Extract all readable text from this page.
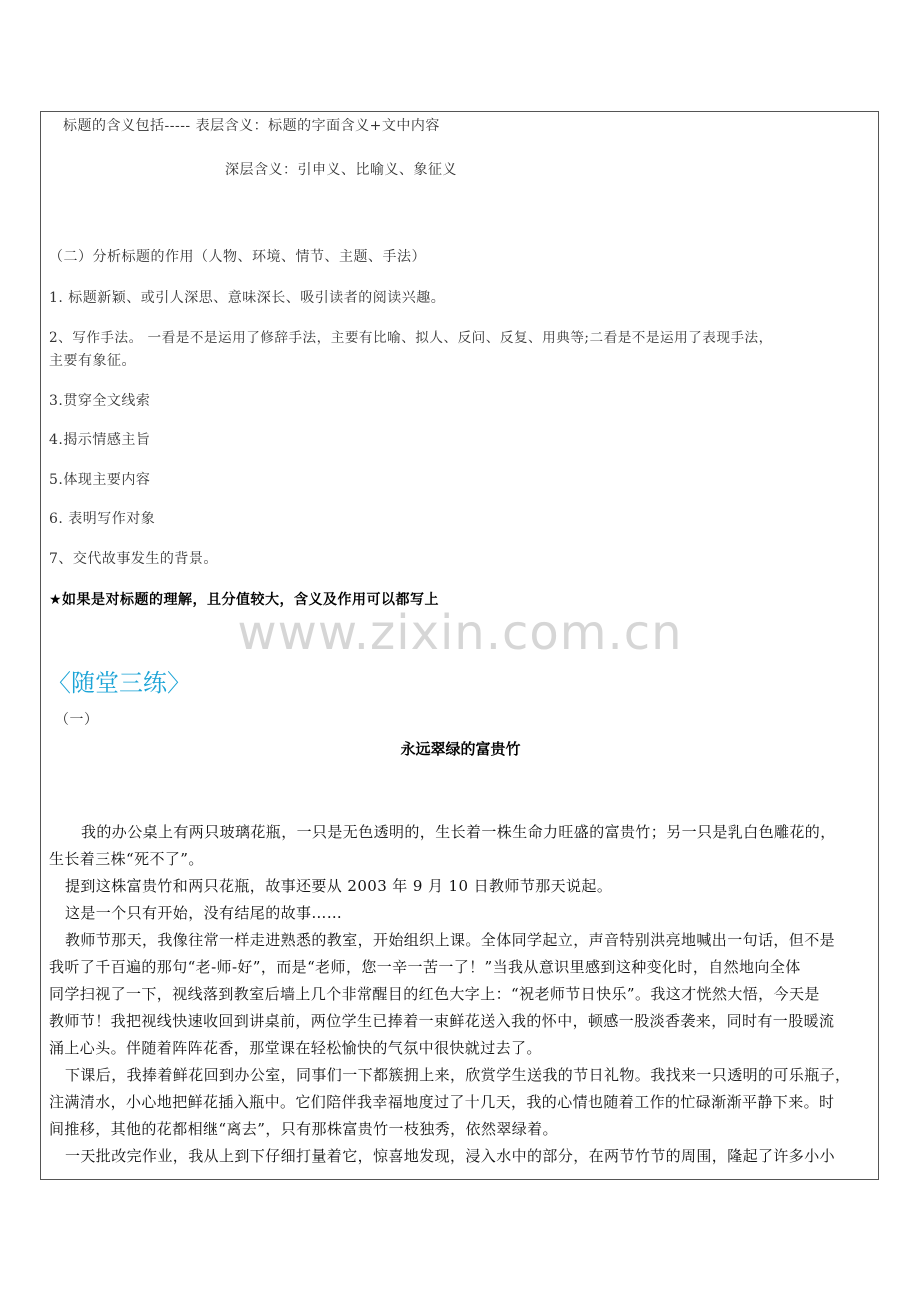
标题的含义包括----- 表层含义：标题的字面含义+文中内容
深层含义：引申义、比喻义、象征义
（二）分析标题的作用（人物、环境、情节、主题、手法）
1. 标题新颖、或引人深思、意味深长、吸引读者的阅读兴趣。
2、写作手法。 一看是不是运用了修辞手法，主要有比喻、拟人、反问、反复、用典等;二看是不是运用了表现手法，
主要有象征。
3.贯穿全文线索
4.揭示情感主旨
5.体现主要内容
6. 表明写作对象
7、交代故事发生的背景。
★如果是对标题的理解，且分值较大，含义及作用可以都写上
〈随堂三练〉
（一）
永远翠绿的富贵竹
我的办公桌上有两只玻璃花瓶，一只是无色透明的，生长着一株生命力旺盛的富贵竹；另一只是乳白色雕花的，
生长着三株“死不了”。
提到这株富贵竹和两只花瓶，故事还要从 2003 年 9 月 10 日教师节那天说起。
这是一个只有开始，没有结尾的故事……
教师节那天，我像往常一样走进熟悉的教室，开始组织上课。全体同学起立，声音特别洪亮地喊出一句话，但不是
我听了千百遍的那句“老-师-好”，而是“老师，您一辛一苦一了！”当我从意识里感到这种变化时，自然地向全体
同学扫视了一下，视线落到教室后墙上几个非常醒目的红色大字上：“祝老师节日快乐”。我这才恍然大悟，今天是
教师节！我把视线快速收回到讲桌前，两位学生已捧着一束鲜花送入我的怀中，顿感一股淡香袭来，同时有一股暖流
涌上心头。伴随着阵阵花香，那堂课在轻松愉快的气氛中很快就过去了。
下课后，我捧着鲜花回到办公室，同事们一下都簇拥上来，欣赏学生送我的节日礼物。我找来一只透明的可乐瓶子，
注满清水，小心地把鲜花插入瓶中。它们陪伴我幸福地度过了十几天，我的心情也随着工作的忙碌渐渐平静下来。时
间推移，其他的花都相继“离去”，只有那株富贵竹一枝独秀，依然翠绿着。
一天批改完作业，我从上到下仔细打量着它，惊喜地发现，浸入水中的部分，在两节竹节的周围，隆起了许多小小
www.zixin.com.cn
